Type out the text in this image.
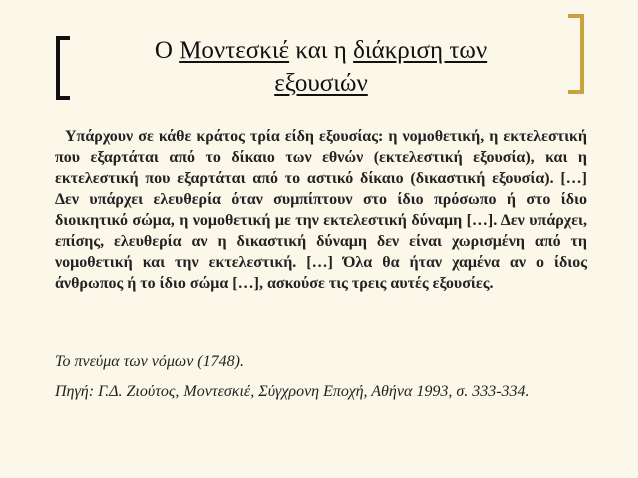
Ο Μοντεσκιέ και η διάκριση των
εξουσιών

Υπάρχουν σε κάθε κράτος τρία είδη εξουσίας: η νομοθετική, η εκτελεστική που εξαρτάται από το δίκαιο των εθνών (εκτελεστική εξουσία), και η εκτελεστική που εξαρτάται από το αστικό δίκαιο (δικαστική εξουσία). […] Δεν υπάρχει ελευθερία όταν συμπίπτουν στο ίδιο πρόσωπο ή στο ίδιο διοικητικό σώμα, η νομοθετική με την εκτελεστική δύναμη […]. Δεν υπάρχει, επίσης, ελευθερία αν η δικαστική δύναμη δεν είναι χωρισμένη από τη νομοθετική και την εκτελεστική. […] Όλα θα ήταν χαμένα αν ο ίδιος άνθρωπος ή το ίδιο σώμα […], ασκούσε τις τρεις αυτές εξουσίες.

Το πνεύμα των νόμων (1748).

Πηγή: Γ.Δ. Ζιούτος, Μοντεσκιέ, Σύγχρονη Εποχή, Αθήνα 1993, σ. 333-334.
